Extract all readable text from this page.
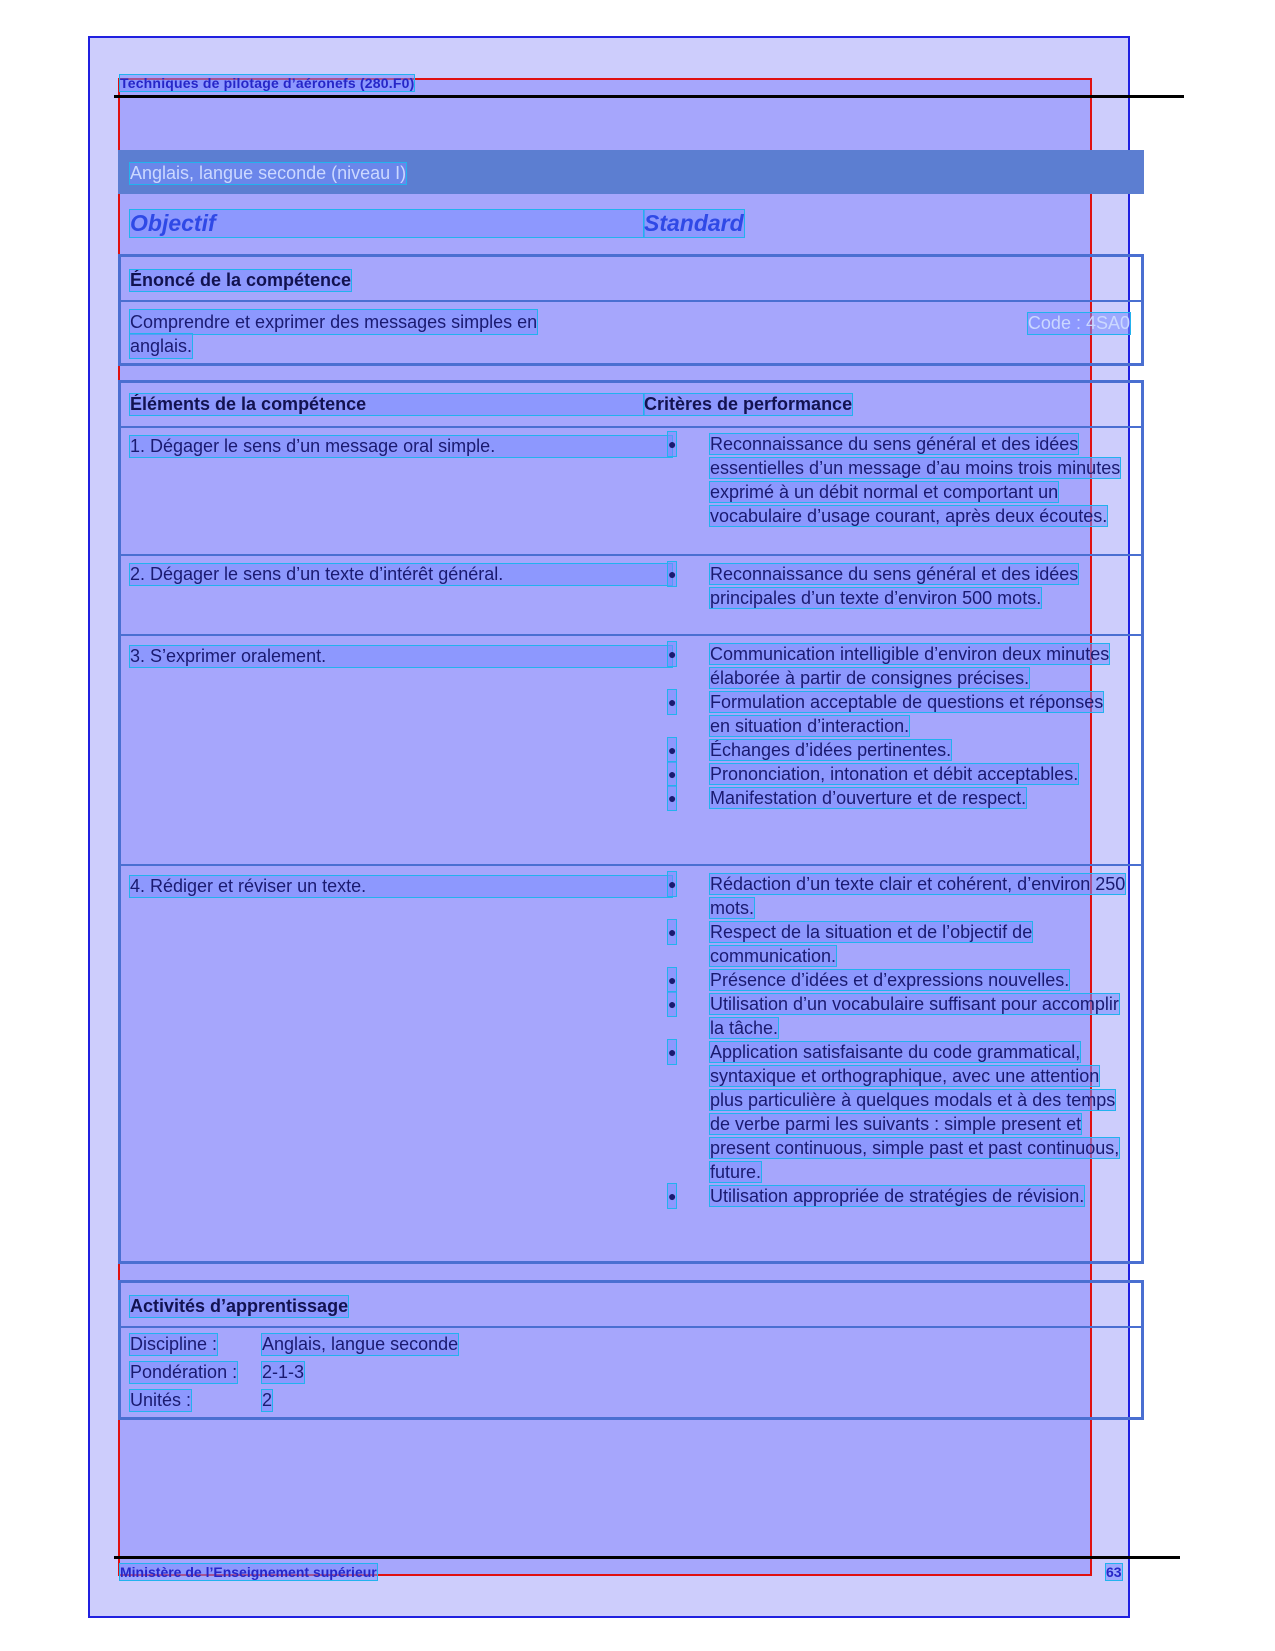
Techniques de pilotage d’aéronefs (280.F0)
Anglais, langue seconde (niveau I)
Code : 4SA0
Objectif	Standard
Énoncé de la compétence
Comprendre et exprimer des messages simples en
anglais.
Éléments de la compétence	Critères de performance
1. Dégager le sens d’un message oral simple.	● Reconnaissance du sens général et des idées essentielles d’un message d’au moins trois minutes exprimé à un débit normal et comportant un vocabulaire d’usage courant, après deux écoutes.
2. Dégager le sens d’un texte d’intérêt général.	● Reconnaissance du sens général et des idées principales d’un texte d’environ 500 mots.
3. S’exprimer oralement.	● Communication intelligible d’environ deux minutes élaborée à partir de consignes précises.
● Formulation acceptable de questions et réponses en situation d’interaction.
● Échanges d’idées pertinentes.
● Prononciation, intonation et débit acceptables.
● Manifestation d’ouverture et de respect.
4. Rédiger et réviser un texte.	● Rédaction d’un texte clair et cohérent, d’environ 250 mots.
● Respect de la situation et de l’objectif de communication.
● Présence d’idées et d’expressions nouvelles.
● Utilisation d’un vocabulaire suffisant pour accomplir la tâche.
● Application satisfaisante du code grammatical, syntaxique et orthographique, avec une attention plus particulière à quelques modals et à des temps de verbe parmi les suivants : simple present et present continuous, simple past et past continuous, future.
● Utilisation appropriée de stratégies de révision.
Activités d’apprentissage
Discipline : Anglais, langue seconde
Pondération : 2-1-3
Unités :	2
Ministère de l’Enseignement supérieur	63
